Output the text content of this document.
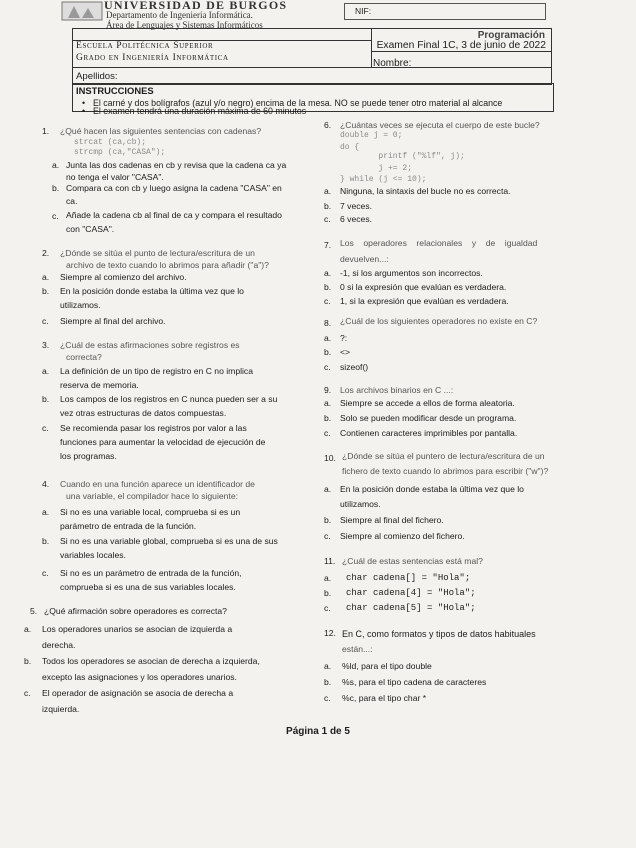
UNIVERSIDAD DE BURGOS
Departamento de Ingeniería Informática.
Área de Lenguajes y Sistemas Informáticos
NIF:
Escuela Politécnica Superior
Grado en Ingeniería Informática
Programación
Examen Final 1C, 3 de junio de 2022
Nombre:
Apellidos:
INSTRUCCIONES
• El carné y dos bolígrafos (azul y/o negro) encima de la mesa. NO se puede tener otro material al alcance
• El examen tendrá una duración máxima de 60 minutos
1. ¿Qué hacen las siguientes sentencias con cadenas?
strcat (ca,cb);
strcmp (ca,"CASA");
a. Junta las dos cadenas en cb y revisa que la cadena ca ya
no tenga el valor "CASA".
b. Compara ca con cb y luego asigna la cadena "CASA" en
ca.
c. Añade la cadena cb al final de ca y compara el resultado
con "CASA".
2. ¿Dónde se sitúa el punto de lectura/escritura de un
archivo de texto cuando lo abrimos para añadir ("a")?
a. Siempre al comienzo del archivo.
b. En la posición donde estaba la última vez que lo
utilizamos.
c. Siempre al final del archivo.
3. ¿Cuál de estas afirmaciones sobre registros es
correcta?
a. La definición de un tipo de registro en C no implica
reserva de memoria.
b. Los campos de los registros en C nunca pueden ser a su
vez otras estructuras de datos compuestas.
c. Se recomienda pasar los registros por valor a las
funciones para aumentar la velocidad de ejecución de
los programas.
4. Cuando en una función aparece un identificador de
una variable, el compilador hace lo siguiente:
a. Si no es una variable local, comprueba si es un
parámetro de entrada de la función.
b. Si no es una variable global, comprueba si es una de sus
variables locales.
c. Si no es un parámetro de entrada de la función,
comprueba si es una de sus variables locales.
5. ¿Qué afirmación sobre operadores es correcta?
a. Los operadores unarios se asocian de izquierda a
derecha.
b. Todos los operadores se asocian de derecha a izquierda,
excepto las asignaciones y los operadores unarios.
c. El operador de asignación se asocia de derecha a
izquierda.
6. ¿Cuántas veces se ejecuta el cuerpo de este bucle?
double j = 0;
do {
printf ("%lf", j);
j += 2;
} while (j <= 10);
a. Ninguna, la sintaxis del bucle no es correcta.
b. 7 veces.
c. 6 veces.
7. Los    operadores    relacionales    y    de    igualdad
devuelven...:
a. -1, si los argumentos son incorrectos.
b. 0 si la expresión que evalúan es verdadera.
c. 1, si la expresión que evalúan es verdadera.
8. ¿Cuál de los siguientes operadores no existe en C?
a. ?:
b. <>
c. sizeof()
9. Los archivos binarios en C ...:
a. Siempre se accede a ellos de forma aleatoria.
b. Solo se pueden modificar desde un programa.
c. Contienen caracteres imprimibles por pantalla.
10. ¿Dónde se sitúa el puntero de lectura/escritura de un
fichero de texto cuando lo abrimos para escribir ("w")?
a. En la posición donde estaba la última vez que lo
utilizamos.
b. Siempre al final del fichero.
c. Siempre al comienzo del fichero.
11. ¿Cuál de estas sentencias está mal?
a. char cadena[] = "Hola";
b. char cadena[4] = "Hola";
c. char cadena[5] = "Hola";
12. En C, como formatos y tipos de datos habituales
están...:
a. %ld, para el tipo double
b. %s, para el tipo cadena de caracteres
c. %c, para el tipo char *
Página 1 de 5
